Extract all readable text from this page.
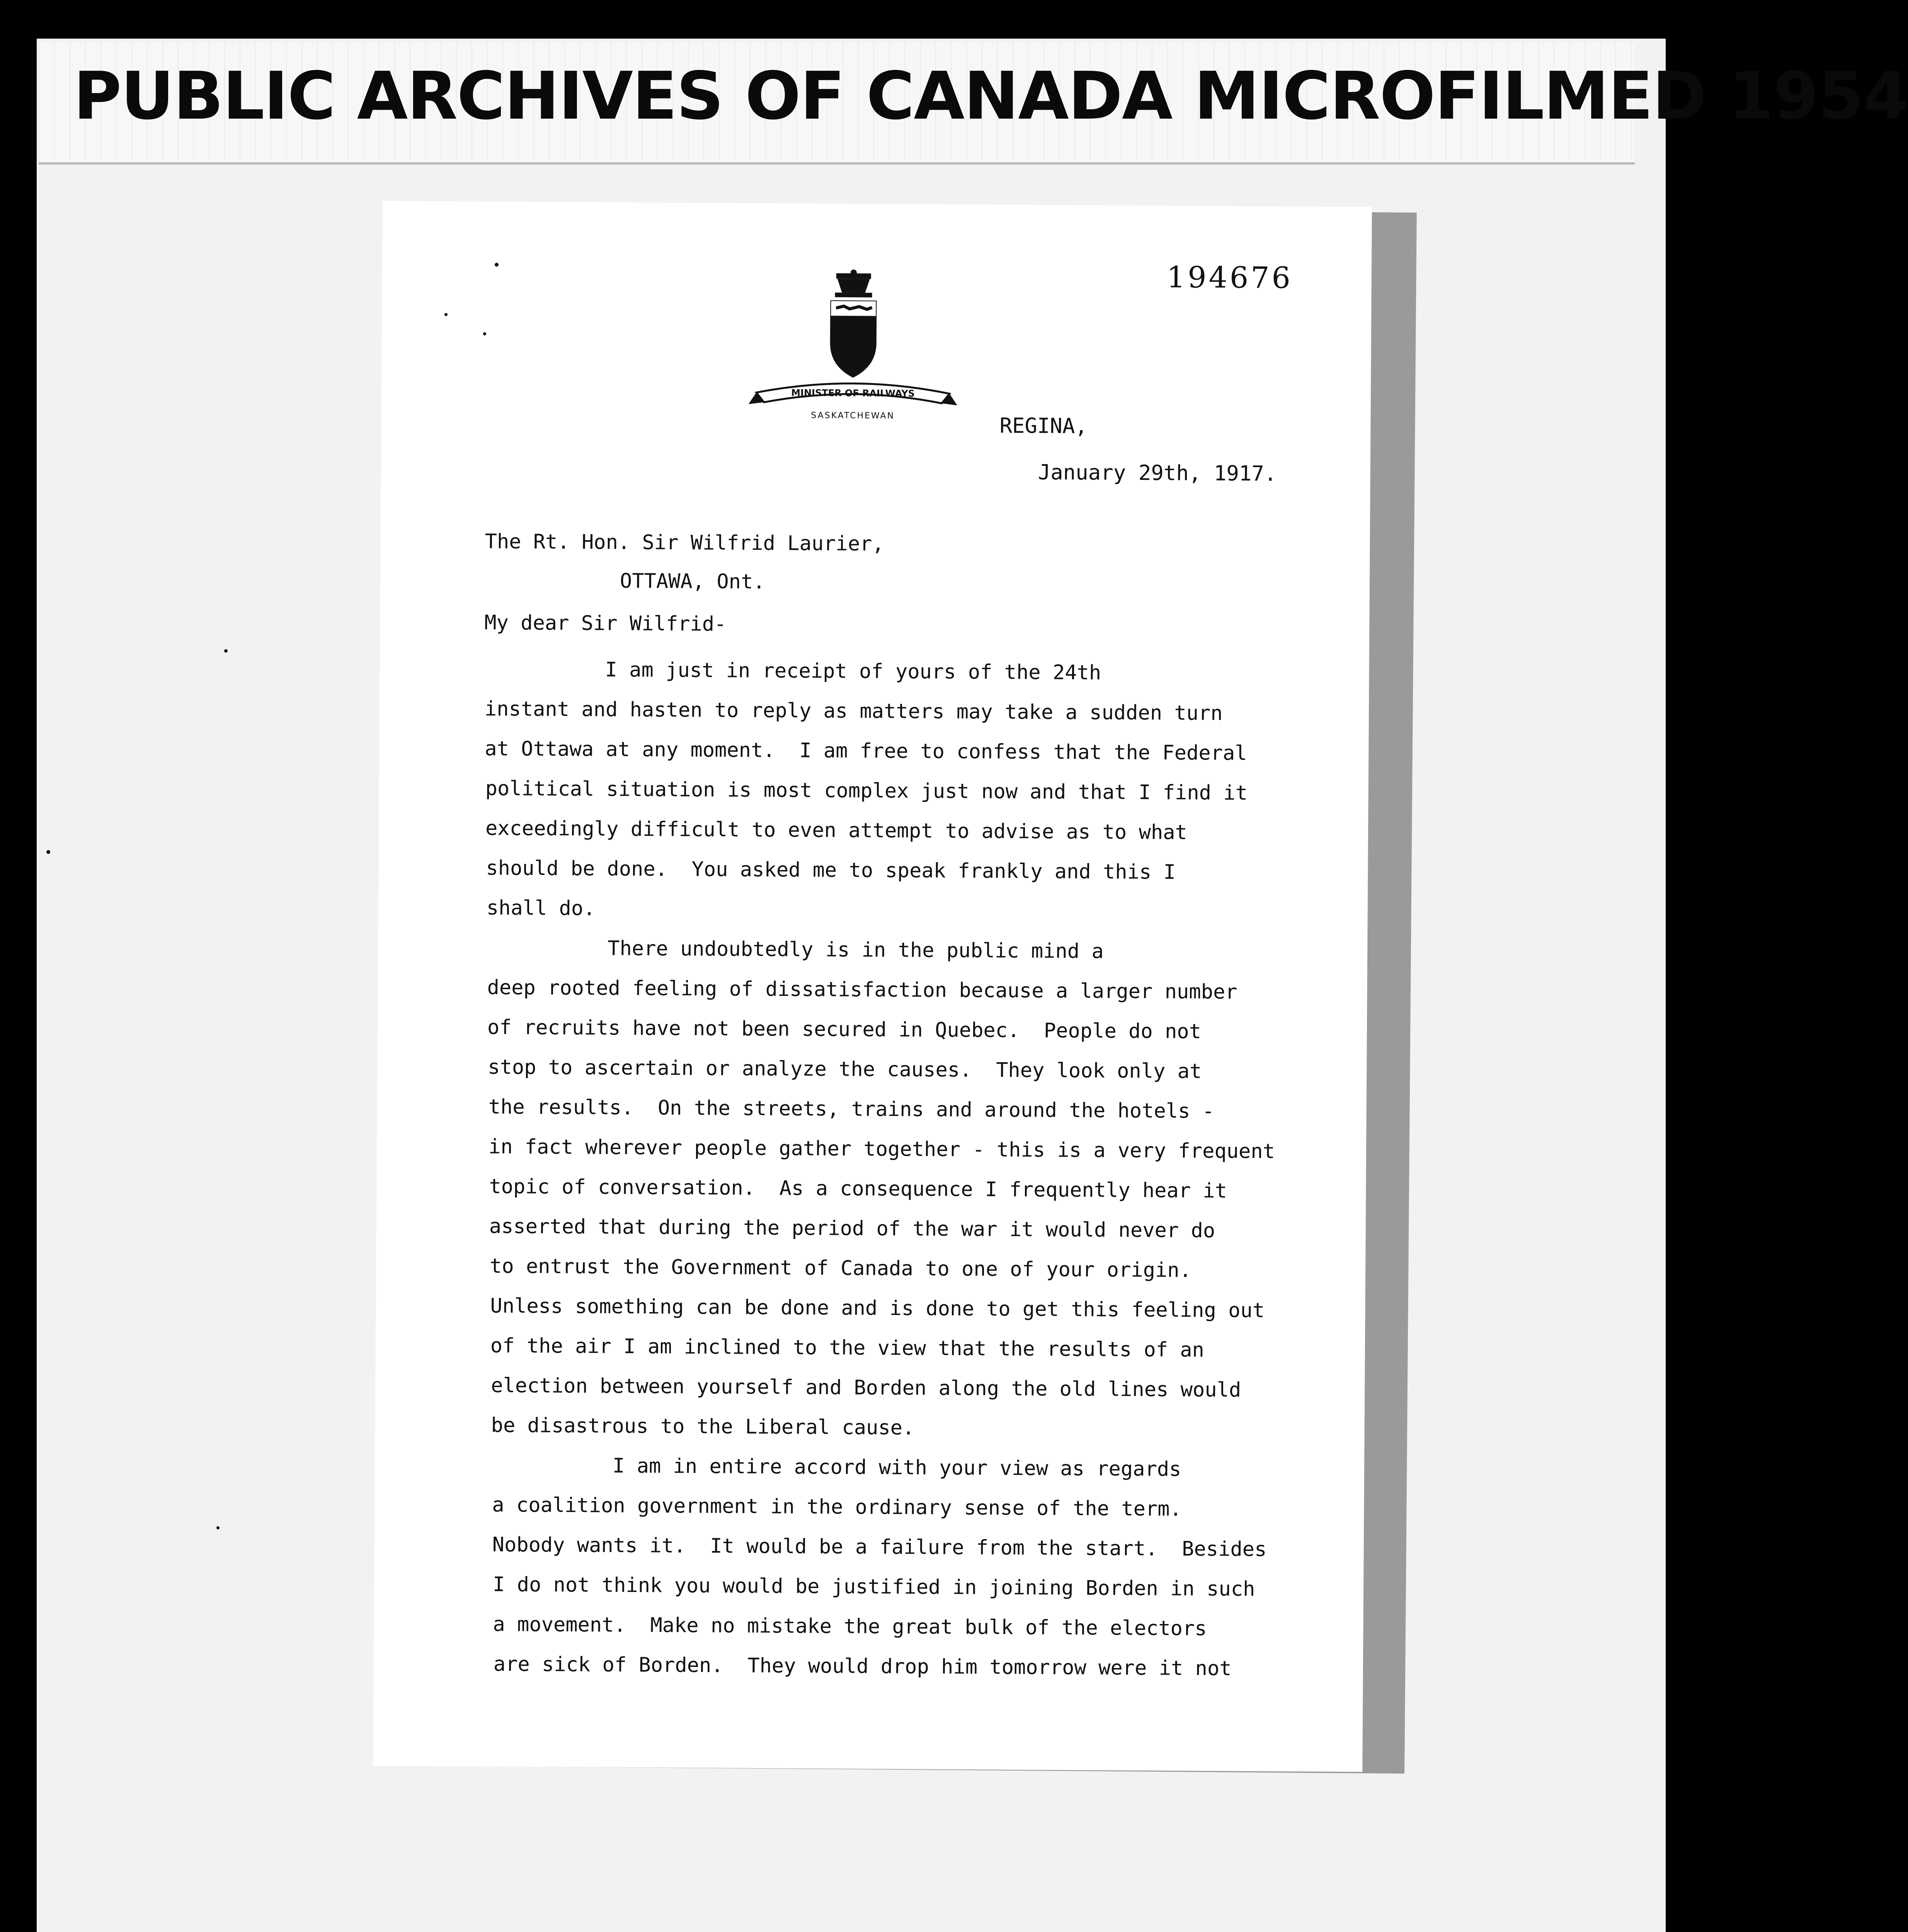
PUBLIC ARCHIVES OF CANADA MICROFILMED 1954
194676
MINISTER OF RAILWAYS
SASKATCHEWAN	REGINA,
January 29th, 1917.
The Rt. Hon. Sir Wilfrid Laurier,
OTTAWA, Ont.
My dear Sir Wilfrid-
I am just in receipt of yours of the 24th
instant and hasten to reply as matters may take a sudden turn
at Ottawa at any moment.  I am free to confess that the Federal
political situation is most complex just now and that I find it
exceedingly difficult to even attempt to advise as to what
should be done.  You asked me to speak frankly and this I
shall do.
There undoubtedly is in the public mind a
deep rooted feeling of dissatisfaction because a larger number
of recruits have not been secured in Quebec.  People do not
stop to ascertain or analyze the causes.  They look only at
the results.  On the streets, trains and around the hotels -
in fact wherever people gather together - this is a very frequent
topic of conversation.  As a consequence I frequently hear it
asserted that during the period of the war it would never do
to entrust the Government of Canada to one of your origin.
Unless something can be done and is done to get this feeling out
of the air I am inclined to the view that the results of an
election between yourself and Borden along the old lines would
be disastrous to the Liberal cause.
I am in entire accord with your view as regards
a coalition government in the ordinary sense of the term.
Nobody wants it.  It would be a failure from the start.  Besides
I do not think you would be justified in joining Borden in such
a movement.  Make no mistake the great bulk of the electors
are sick of Borden.  They would drop him tomorrow were it not
